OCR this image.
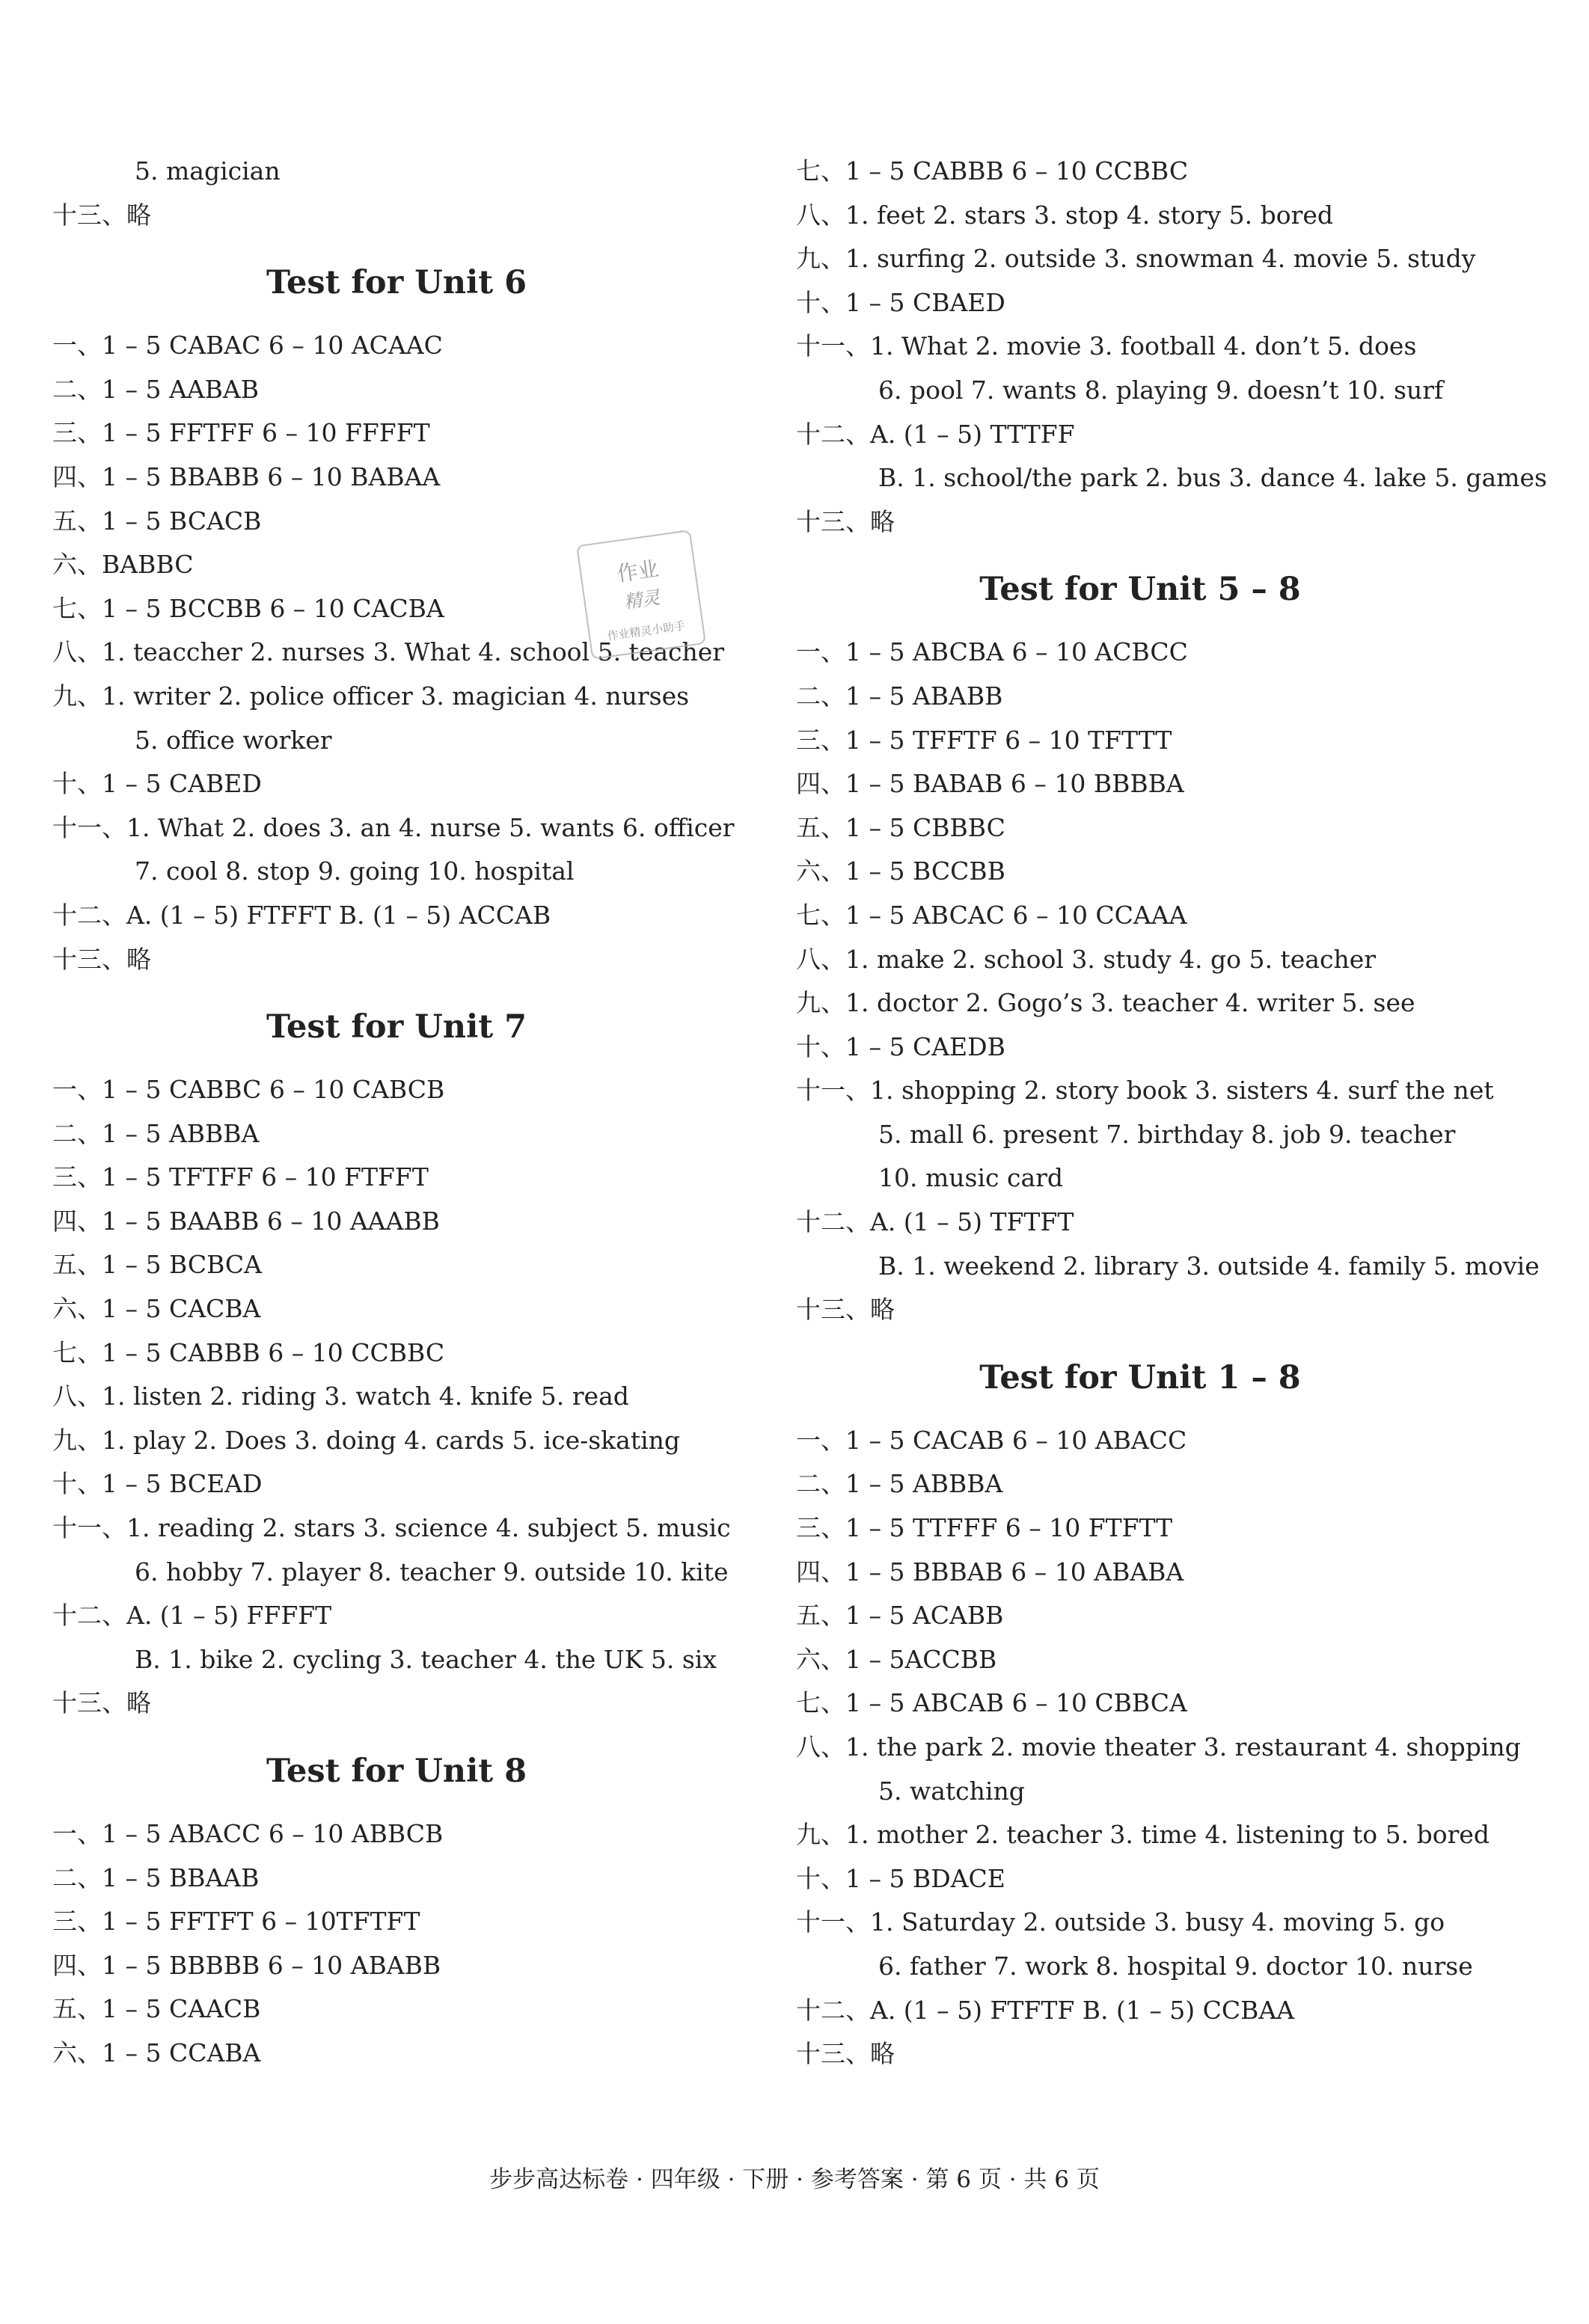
5. magician
十三、略
Test for Unit 6
一、1 – 5 CABAC 6 – 10 ACAAC
二、1 – 5 AABAB
三、1 – 5 FFTFF 6 – 10 FFFFT
四、1 – 5 BBABB 6 – 10 BABAA
五、1 – 5 BCACB
六、BABBC
七、1 – 5 BCCBB 6 – 10 CACBA
八、1. teaccher 2. nurses 3. What 4. school 5. teacher
九、1. writer 2. police officer 3. magician 4. nurses
5. office worker
十、1 – 5 CABED
十一、1. What 2. does 3. an 4. nurse 5. wants 6. officer
7. cool 8. stop 9. going 10. hospital
十二、A. (1 – 5) FTFFT B. (1 – 5) ACCAB
十三、略
Test for Unit 7
一、1 – 5 CABBC 6 – 10 CABCB
二、1 – 5 ABBBA
三、1 – 5 TFTFF 6 – 10 FTFFT
四、1 – 5 BAABB 6 – 10 AAABB
五、1 – 5 BCBCA
六、1 – 5 CACBA
七、1 – 5 CABBB 6 – 10 CCBBC
八、1. listen 2. riding 3. watch 4. knife 5. read
九、1. play 2. Does 3. doing 4. cards 5. ice-skating
十、1 – 5 BCEAD
十一、1. reading 2. stars 3. science 4. subject 5. music
6. hobby 7. player 8. teacher 9. outside 10. kite
十二、A. (1 – 5) FFFFT
B. 1. bike 2. cycling 3. teacher 4. the UK 5. six
十三、略
Test for Unit 8
一、1 – 5 ABACC 6 – 10 ABBCB
二、1 – 5 BBAAB
三、1 – 5 FFTFT 6 – 10TFTFT
四、1 – 5 BBBBB 6 – 10 ABABB
五、1 – 5 CAACB
六、1 – 5 CCABA
七、1 – 5 CABBB 6 – 10 CCBBC
八、1. feet 2. stars 3. stop 4. story 5. bored
九、1. surfing 2. outside 3. snowman 4. movie 5. study
十、1 – 5 CBAED
十一、1. What 2. movie 3. football 4. don’t 5. does
6. pool 7. wants 8. playing 9. doesn’t 10. surf
十二、A. (1 – 5) TTTFF
B. 1. school/the park 2. bus 3. dance 4. lake 5. games
十三、略
Test for Unit 5 – 8
一、1 – 5 ABCBA 6 – 10 ACBCC
二、1 – 5 ABABB
三、1 – 5 TFFTF 6 – 10 TFTTT
四、1 – 5 BABAB 6 – 10 BBBBA
五、1 – 5 CBBBC
六、1 – 5 BCCBB
七、1 – 5 ABCAC 6 – 10 CCAAA
八、1. make 2. school 3. study 4. go 5. teacher
九、1. doctor 2. Gogo’s 3. teacher 4. writer 5. see
十、1 – 5 CAEDB
十一、1. shopping 2. story book 3. sisters 4. surf the net
5. mall 6. present 7. birthday 8. job 9. teacher
10. music card
十二、A. (1 – 5) TFTFT
B. 1. weekend 2. library 3. outside 4. family 5. movie
十三、略
Test for Unit 1 – 8
一、1 – 5 CACAB 6 – 10 ABACC
二、1 – 5 ABBBA
三、1 – 5 TTFFF 6 – 10 FTFTT
四、1 – 5 BBBAB 6 – 10 ABABA
五、1 – 5 ACABB
六、1 – 5ACCBB
七、1 – 5 ABCAB 6 – 10 CBBCA
八、1. the park 2. movie theater 3. restaurant 4. shopping
5. watching
九、1. mother 2. teacher 3. time 4. listening to 5. bored
十、1 – 5 BDACE
十一、1. Saturday 2. outside 3. busy 4. moving 5. go
6. father 7. work 8. hospital 9. doctor 10. nurse
十二、A. (1 – 5) FTFTF B. (1 – 5) CCBAA
十三、略
作业
精灵
作业精灵小助手
步步高达标卷 · 四年级 · 下册 · 参考答案 · 第 6 页 · 共 6 页
